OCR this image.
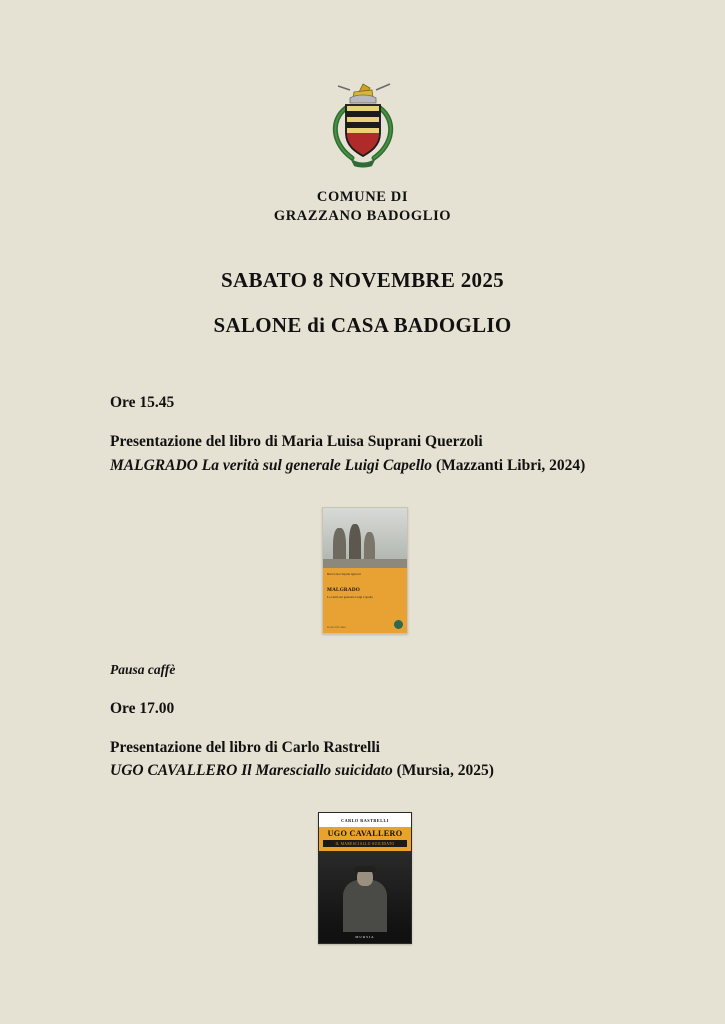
COMUNE DI
GRAZZANO BADOGLIO
SABATO 8 NOVEMBRE 2025
SALONE di CASA BADOGLIO
Ore 15.45
Presentazione del libro di Maria Luisa Suprani Querzoli
MALGRADO La verità sul generale Luigi Capello (Mazzanti Libri, 2024)
Maria Luisa Suprani Querzoli
MALGRADO
La verità sul generale Luigi Capello
MAZZANTI LIBRI
Pausa caffè
Ore 17.00
Presentazione del libro di Carlo Rastrelli
UGO CAVALLERO Il Maresciallo suicidato (Mursia, 2025)
CARLO RASTRELLI
UGO CAVALLERO
IL MARESCIALLO SUICIDATO
MURSIA
